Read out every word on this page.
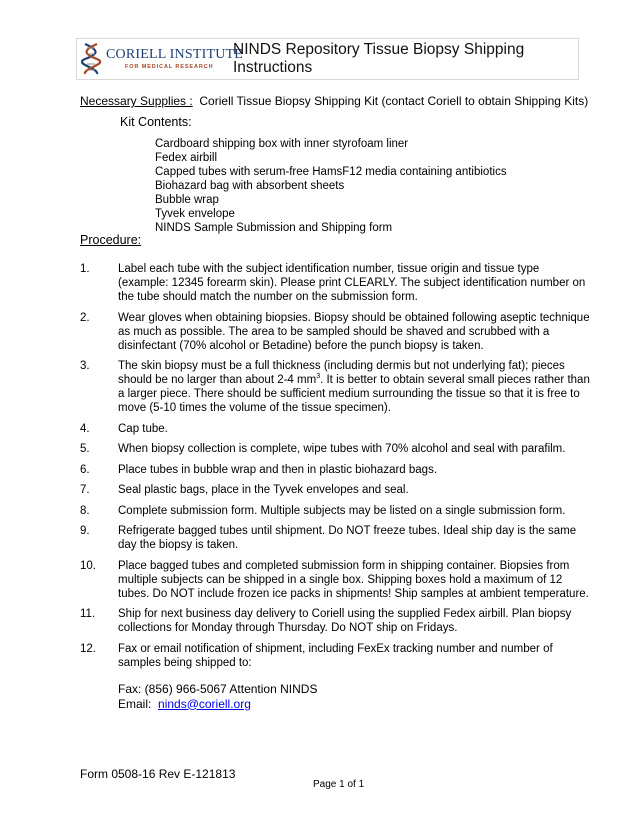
CORIELL INSTITUTE
FOR MEDICAL RESEARCH
NINDS Repository Tissue Biopsy Shipping Instructions
Necessary Supplies : Coriell Tissue Biopsy Shipping Kit (contact Coriell to obtain Shipping Kits)
Kit Contents:
Cardboard shipping box with inner styrofoam liner
Fedex airbill
Capped tubes with serum-free HamsF12 media containing antibiotics
Biohazard bag with absorbent sheets
Bubble wrap
Tyvek envelope
NINDS Sample Submission and Shipping form
Procedure:
1. Label each tube with the subject identification number, tissue origin and tissue type (example: 12345 forearm skin). Please print CLEARLY. The subject identification number on the tube should match the number on the submission form.
2. Wear gloves when obtaining biopsies. Biopsy should be obtained following aseptic technique as much as possible. The area to be sampled should be shaved and scrubbed with a disinfectant (70% alcohol or Betadine) before the punch biopsy is taken.
3. The skin biopsy must be a full thickness (including dermis but not underlying fat); pieces should be no larger than about 2-4 $mm^3$. It is better to obtain several small pieces rather than a larger piece. There should be sufficient medium surrounding the tissue so that it is free to move (5-10 times the volume of the tissue specimen).
4. Cap tube.
5. When biopsy collection is complete, wipe tubes with 70% alcohol and seal with parafilm.
6. Place tubes in bubble wrap and then in plastic biohazard bags.
7. Seal plastic bags, place in the Tyvek envelopes and seal.
8. Complete submission form. Multiple subjects may be listed on a single submission form.
9. Refrigerate bagged tubes until shipment. Do NOT freeze tubes. Ideal ship day is the same day the biopsy is taken.
10. Place bagged tubes and completed submission form in shipping container. Biopsies from multiple subjects can be shipped in a single box. Shipping boxes hold a maximum of 12 tubes. Do NOT include frozen ice packs in shipments! Ship samples at ambient temperature.
11. Ship for next business day delivery to Coriell using the supplied Fedex airbill. Plan biopsy collections for Monday through Thursday. Do NOT ship on Fridays.
12. Fax or email notification of shipment, including FexEx tracking number and number of samples being shipped to:
Fax: (856) 966-5067 Attention NINDS
Email: ninds@coriell.org
Form 0508-16 Rev E-121813
Page 1 of 1
